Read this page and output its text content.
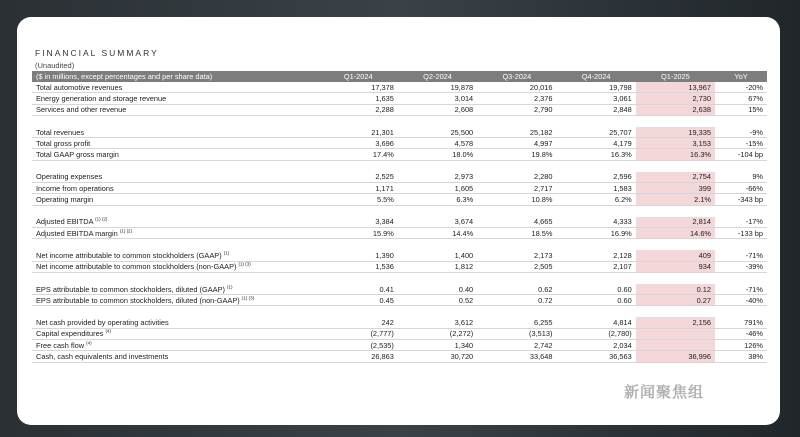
FINANCIAL SUMMARY
(Unaudited)
($ in millions, except percentages and per share data)	Q1-2024	Q2-2024	Q3-2024	Q4-2024	Q1-2025	YoY
Total automotive revenues	17,378	19,878	20,016	19,798	13,967	-20%
Energy generation and storage revenue	1,635	3,014	2,376	3,061	2,730	67%
Services and other revenue	2,288	2,608	2,790	2,848	2,638	15%

Total revenues	21,301	25,500	25,182	25,707	19,335	-9%
Total gross profit	3,696	4,578	4,997	4,179	3,153	-15%
Total GAAP gross margin	17.4%	18.0%	19.8%	16.3%	16.3%	-104 bp

Operating expenses	2,525	2,973	2,280	2,596	2,754	9%
Income from operations	1,171	1,605	2,717	1,583	399	-66%
Operating margin	5.5%	6.3%	10.8%	6.2%	2.1%	-343 bp

Adjusted EBITDA $^{(1) (2)}$	3,384	3,674	4,665	4,333	2,814	-17%
Adjusted EBITDA margin $^{(1) (2)}$	15.9%	14.4%	18.5%	16.9%	14.6%	-133 bp

Net income attributable to common stockholders (GAAP) $^{(1)}$	1,390	1,400	2,173	2,128	409	-71%
Net income attributable to common stockholders (non-GAAP) $^{(1) (3)}$	1,536	1,812	2,505	2,107	934	-39%

EPS attributable to common stockholders, diluted (GAAP) $^{(1)}$	0.41	0.40	0.62	0.60	0.12	-71%
EPS attributable to common stockholders, diluted (non-GAAP) $^{(1) (3)}$	0.45	0.52	0.72	0.60	0.27	-40%

Net cash provided by operating activities	242	3,612	6,255	4,814	2,156	791%
Capital expenditures $^{(4)}$	(2,777)	(2,272)	(3,513)	(2,780)		-46%
Free cash flow $^{(4)}$	(2,535)	1,340	2,742	2,034		126%
Cash, cash equivalents and investments	26,863	30,720	33,648	36,563	36,996	38%
新闻聚焦组
